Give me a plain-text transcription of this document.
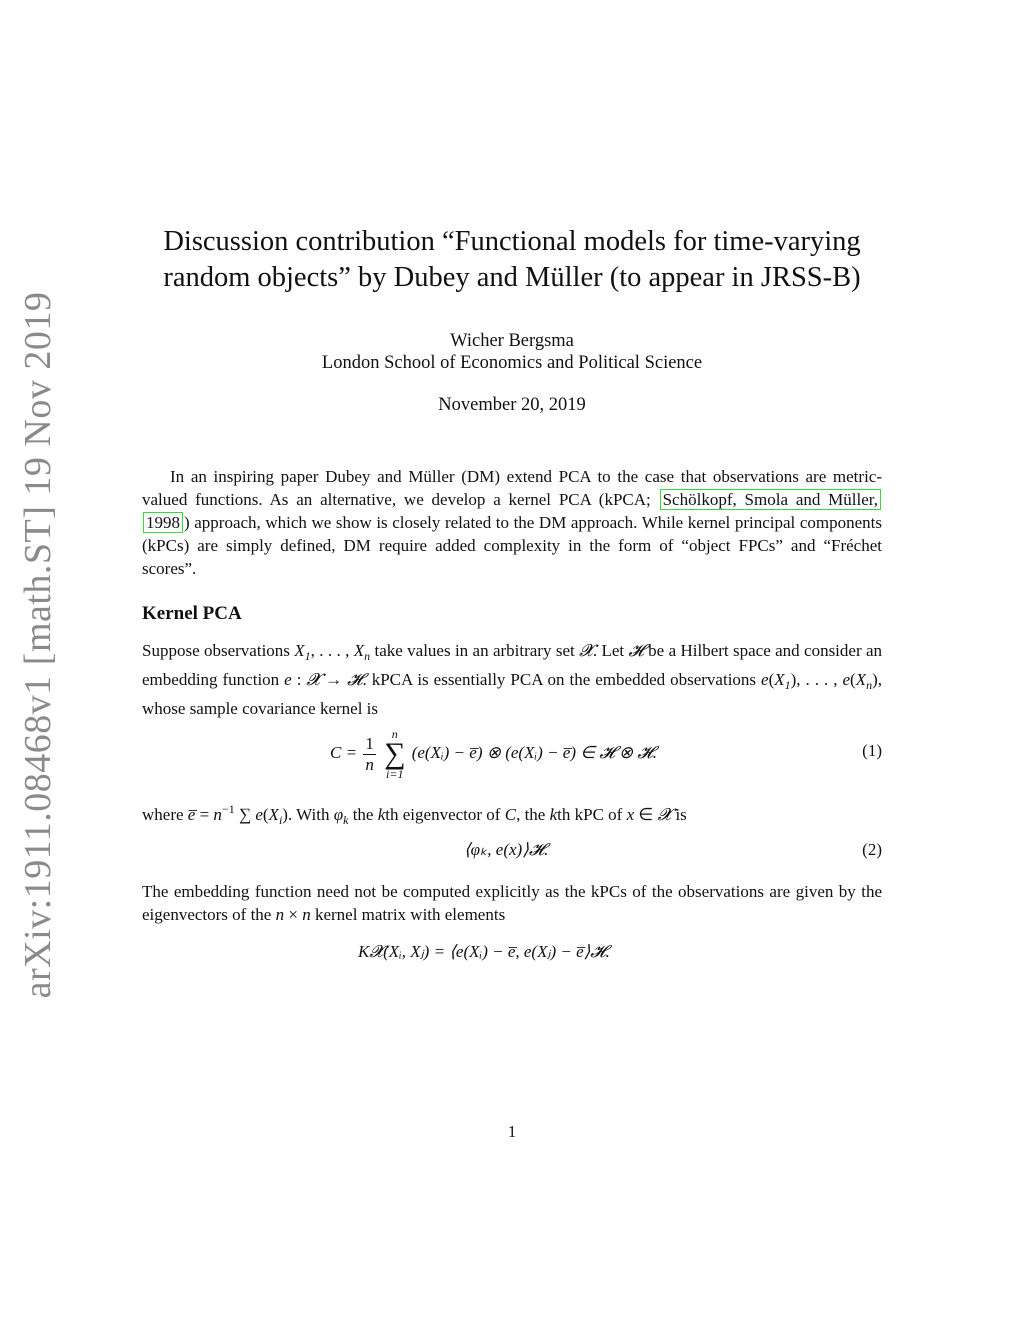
arXiv:1911.08468v1 [math.ST] 19 Nov 2019
Discussion contribution “Functional models for time-varying
random objects” by Dubey and Müller (to appear in JRSS-B)
Wicher Bergsma
London School of Economics and Political Science
November 20, 2019
In an inspiring paper Dubey and Müller (DM) extend PCA to the case that observations are metric-valued functions. As an alternative, we develop a kernel PCA (kPCA; Schölkopf, Smola and Müller, 1998 ) approach, which we show is closely related to the DM approach. While kernel principal components (kPCs) are simply defined, DM require added complexity in the form of “object FPCs” and “Fréchet scores”.
Kernel PCA
Suppose observations $X_1$, . . . , $X_n$ take values in an arbitrary set 𝓧. Let 𝓗 be a Hilbert space and consider an embedding function e : 𝓧 → 𝓗. kPCA is essentially PCA on the embedded observations $e(X_1)$, . . . , $e(X_n)$, whose sample covariance kernel is
$C = \frac{1}{n}$
	n
∑
i=1
(e(Xᵢ) − e̅) ⊗ (e(Xᵢ) − e̅) ∈ 𝓗 ⊗ 𝓗.	(1)
where e̅ = $n^{-1}$ ∑ $e(X_i)$. With $\varphi_k$ the kth eigenvector of C, the kth kPC of x ∈ 𝓧 is
⟨φₖ, e(x)⟩𝓗.	(2)
The embedding function need not be computed explicitly as the kPCs of the observations are given by the eigenvectors of the n × n kernel matrix with elements
K𝓧(Xᵢ, Xⱼ) = ⟨e(Xᵢ) − e̅, e(Xⱼ) − e̅⟩𝓗.
1
